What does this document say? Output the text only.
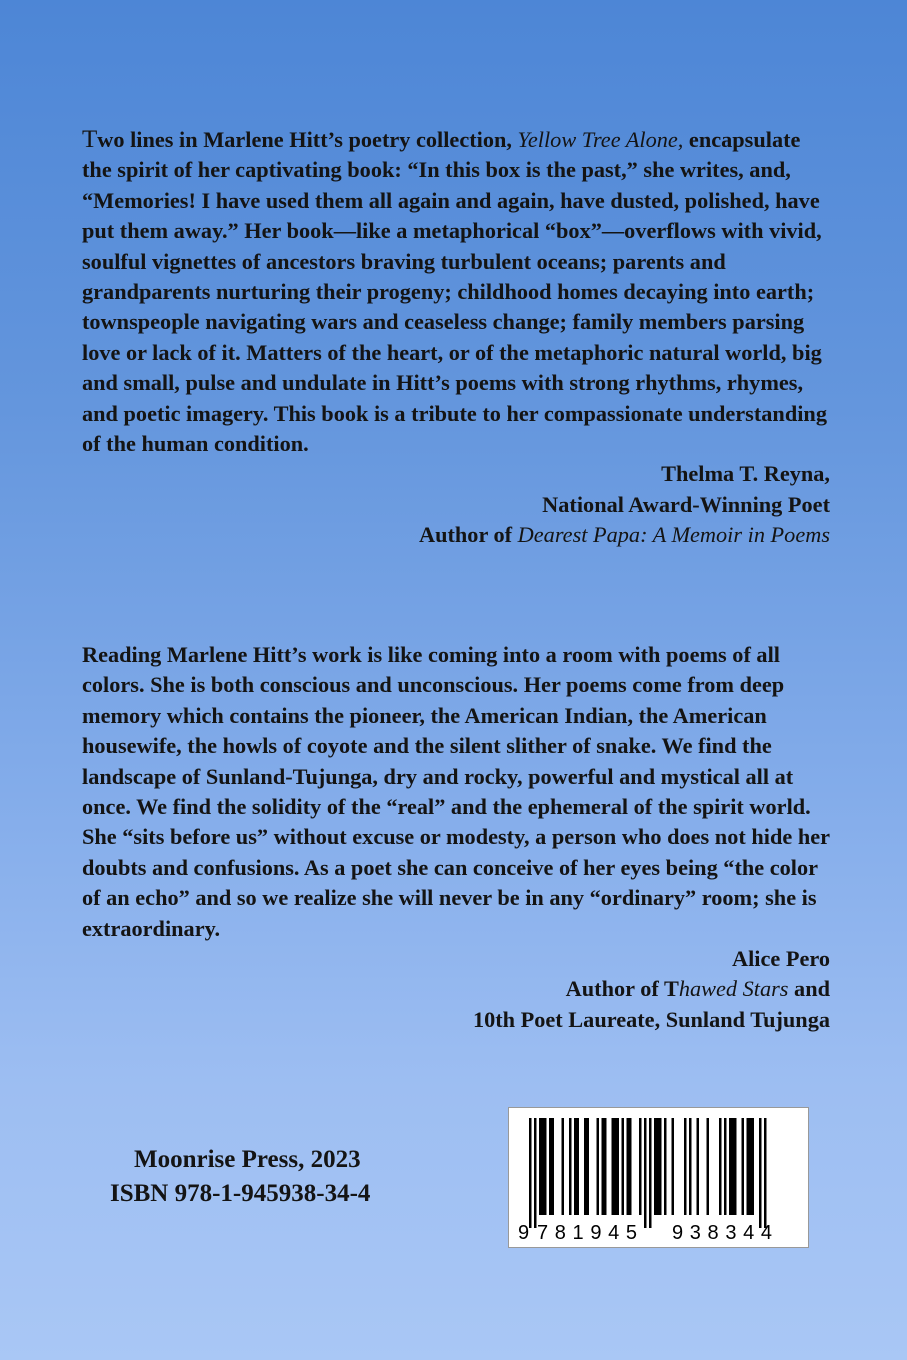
Two lines in Marlene Hitt’s poetry collection, Yellow Tree Alone, encapsulate the spirit of her captivating book: “In this box is the past,” she writes, and, “Memories! I have used them all again and again, have dusted, polished, have put them away.” Her book—like a metaphorical “box”—overflows with vivid, soulful vignettes of ancestors braving turbulent oceans; parents and grandparents nurturing their progeny; childhood homes decaying into earth; townspeople navigating wars and ceaseless change; family members parsing love or lack of it. Matters of the heart, or of the metaphoric natural world, big and small, pulse and undulate in Hitt’s poems with strong rhythms, rhymes, and poetic imagery. This book is a tribute to her compassionate understanding of the human condition.

Thelma T. Reyna,
National Award-Winning Poet
Author of Dearest Papa: A Memoir in Poems

Reading Marlene Hitt’s work is like coming into a room with poems of all colors. She is both conscious and unconscious. Her poems come from deep memory which contains the pioneer, the American Indian, the American housewife, the howls of coyote and the silent slither of snake. We find the landscape of Sunland-Tujunga, dry and rocky, powerful and mystical all at once. We find the solidity of the “real” and the ephemeral of the spirit world. She “sits before us” without excuse or modesty, a person who does not hide her doubts and confusions. As a poet she can conceive of her eyes being “the color of an echo” and so we realize she will never be in any “ordinary” room; she is extraordinary.

Alice Pero
Author of Thawed Stars and
10th Poet Laureate, Sunland Tujunga
Moonrise Press, 2023
ISBN 978-1-945938-34-4
9 781945 938344
